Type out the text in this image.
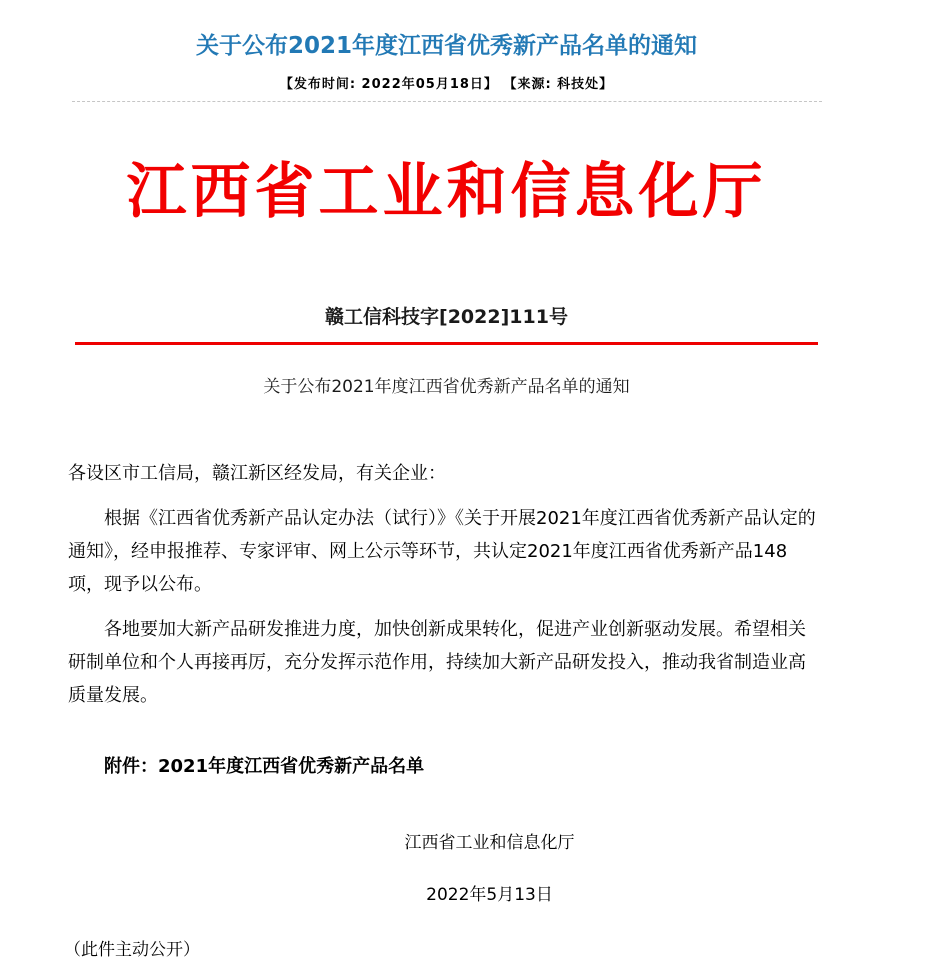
关于公布2021年度江西省优秀新产品名单的通知
【发布时间: 2022年05月18日】 【来源: 科技处】
江西省工业和信息化厅
赣工信科技字[2022]111号
关于公布2021年度江西省优秀新产品名单的通知

各设区市工信局，赣江新区经发局，有关企业：

根据《江西省优秀新产品认定办法（试行）》《关于开展2021年度江西省优秀新产品认定的通知》，经申报推荐、专家评审、网上公示等环节，共认定2021年度江西省优秀新产品148项，现予以公布。

各地要加大新产品研发推进力度，加快创新成果转化，促进产业创新驱动发展。希望相关研制单位和个人再接再厉，充分发挥示范作用，持续加大新产品研发投入，推动我省制造业高质量发展。

附件：2021年度江西省优秀新产品名单
江西省工业和信息化厅
2022年5月13日
（此件主动公开）
